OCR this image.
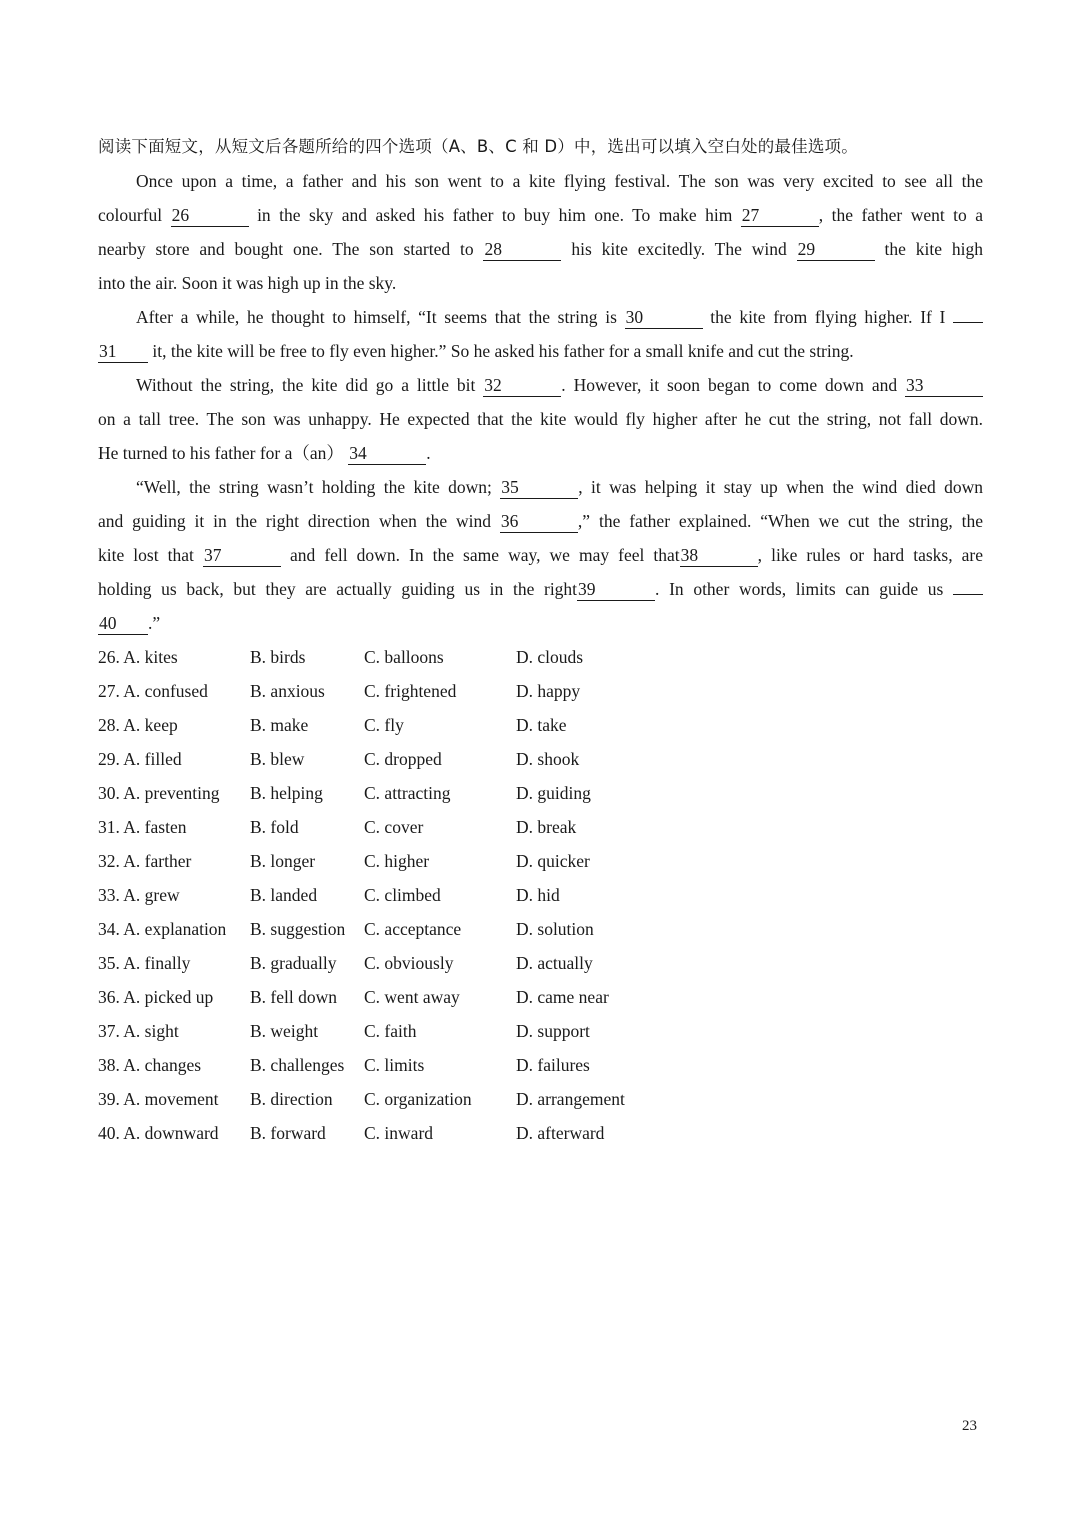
阅读下面短文，从短文后各题所给的四个选项（A、B、C 和 D）中，选出可以填入空白处的最佳选项。
Once upon a time, a father and his son went to a kite flying festival. The son was very excited to see all the
colourful 26	in the sky and asked his father to buy him one. To make him 27	, the father went to a
nearby store and bought one. The son started to 28	his kite excitedly. The wind 29	the kite high
into the air. Soon it was high up in the sky.
After a while, he thought to himself, “It seems that the string is 30	the kite from flying higher. If I
31 it, the kite will be free to fly even higher.” So he asked his father for a small knife and cut the string.
Without the string, the kite did go a little bit 32	. However, it soon began to come down and 33
on a tall tree. The son was unhappy. He expected that the kite would fly higher after he cut the string, not fall down.
He turned to his father for a（an） 34	.
“Well, the string wasn’t holding the kite down; 35	, it was helping it stay up when the wind died down
and guiding it in the right direction when the wind 36	,” the father explained. “When we cut the string, the
kite lost that 37	and fell down. In the same way, we may feel that38	, like rules or hard tasks, are
holding us back, but they are actually guiding us in the right39	. In other words, limits can guide us
40 .”
26. A. kites	B. birds	C. balloons	D. clouds
27. A. confused	B. anxious	C. frightened	D. happy
28. A. keep	B. make	C. fly	D. take
29. A. filled	B. blew	C. dropped	D. shook
30. A. preventing	B. helping	C. attracting	D. guiding
31. A. fasten	B. fold	C. cover	D. break
32. A. farther	B. longer	C. higher	D. quicker
33. A. grew	B. landed	C. climbed	D. hid
34. A. explanation	B. suggestion	C. acceptance	D. solution
35. A. finally	B. gradually	C. obviously	D. actually
36. A. picked up	B. fell down	C. went away	D. came near
37. A. sight	B. weight	C. faith	D. support
38. A. changes	B. challenges	C. limits	D. failures
39. A. movement	B. direction	C. organization	D. arrangement
40. A. downward	B. forward	C. inward	D. afterward
23
